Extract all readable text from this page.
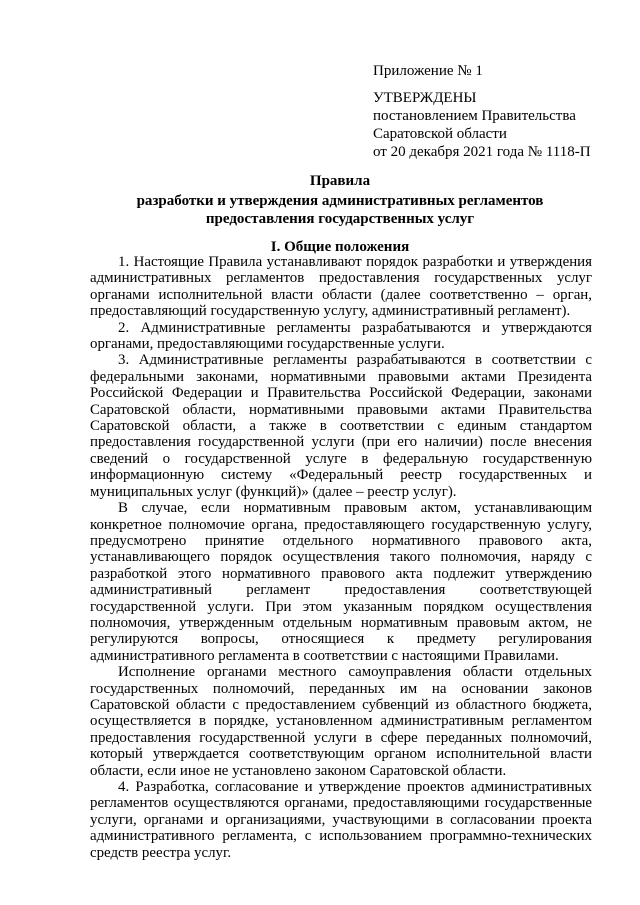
Приложение № 1
УТВЕРЖДЕНЫ
постановлением Правительства
Саратовской области
от 20 декабря 2021 года № 1118-П
Правила
разработки и утверждения административных регламентов
предоставления государственных услуг
I. Общие положения

1. Настоящие Правила устанавливают порядок разработки и утверждения административных регламентов предоставления государственных услуг органами исполнительной власти области (далее соответственно – орган, предоставляющий государственную услугу, административный регламент).

2. Административные регламенты разрабатываются и утверждаются органами, предоставляющими государственные услуги.

3. Административные регламенты разрабатываются в соответствии с федеральными законами, нормативными правовыми актами Президента Российской Федерации и Правительства Российской Федерации, законами Саратовской области, нормативными правовыми актами Правительства Саратовской области, а также в соответствии с единым стандартом предоставления государственной услуги (при его наличии) после внесения сведений о государственной услуге в федеральную государственную информационную систему «Федеральный реестр государственных и муниципальных услуг (функций)» (далее – реестр услуг).

В случае, если нормативным правовым актом, устанавливающим конкретное полномочие органа, предоставляющего государственную услугу, предусмотрено принятие отдельного нормативного правового акта, устанавливающего порядок осуществления такого полномочия, наряду с разработкой этого нормативного правового акта подлежит утверждению административный регламент предоставления соответствующей государственной услуги. При этом указанным порядком осуществления полномочия, утвержденным отдельным нормативным правовым актом, не регулируются вопросы, относящиеся к предмету регулирования административного регламента в соответствии с настоящими Правилами.

Исполнение органами местного самоуправления области отдельных государственных полномочий, переданных им на основании законов Саратовской области с предоставлением субвенций из областного бюджета, осуществляется в порядке, установленном административным регламентом предоставления государственной услуги в сфере переданных полномочий, который утверждается соответствующим органом исполнительной власти области, если иное не установлено законом Саратовской области.

4. Разработка, согласование и утверждение проектов административных регламентов осуществляются органами, предоставляющими государственные услуги, органами и организациями, участвующими в согласовании проекта административного регламента, с использованием программно-технических средств реестра услуг.
